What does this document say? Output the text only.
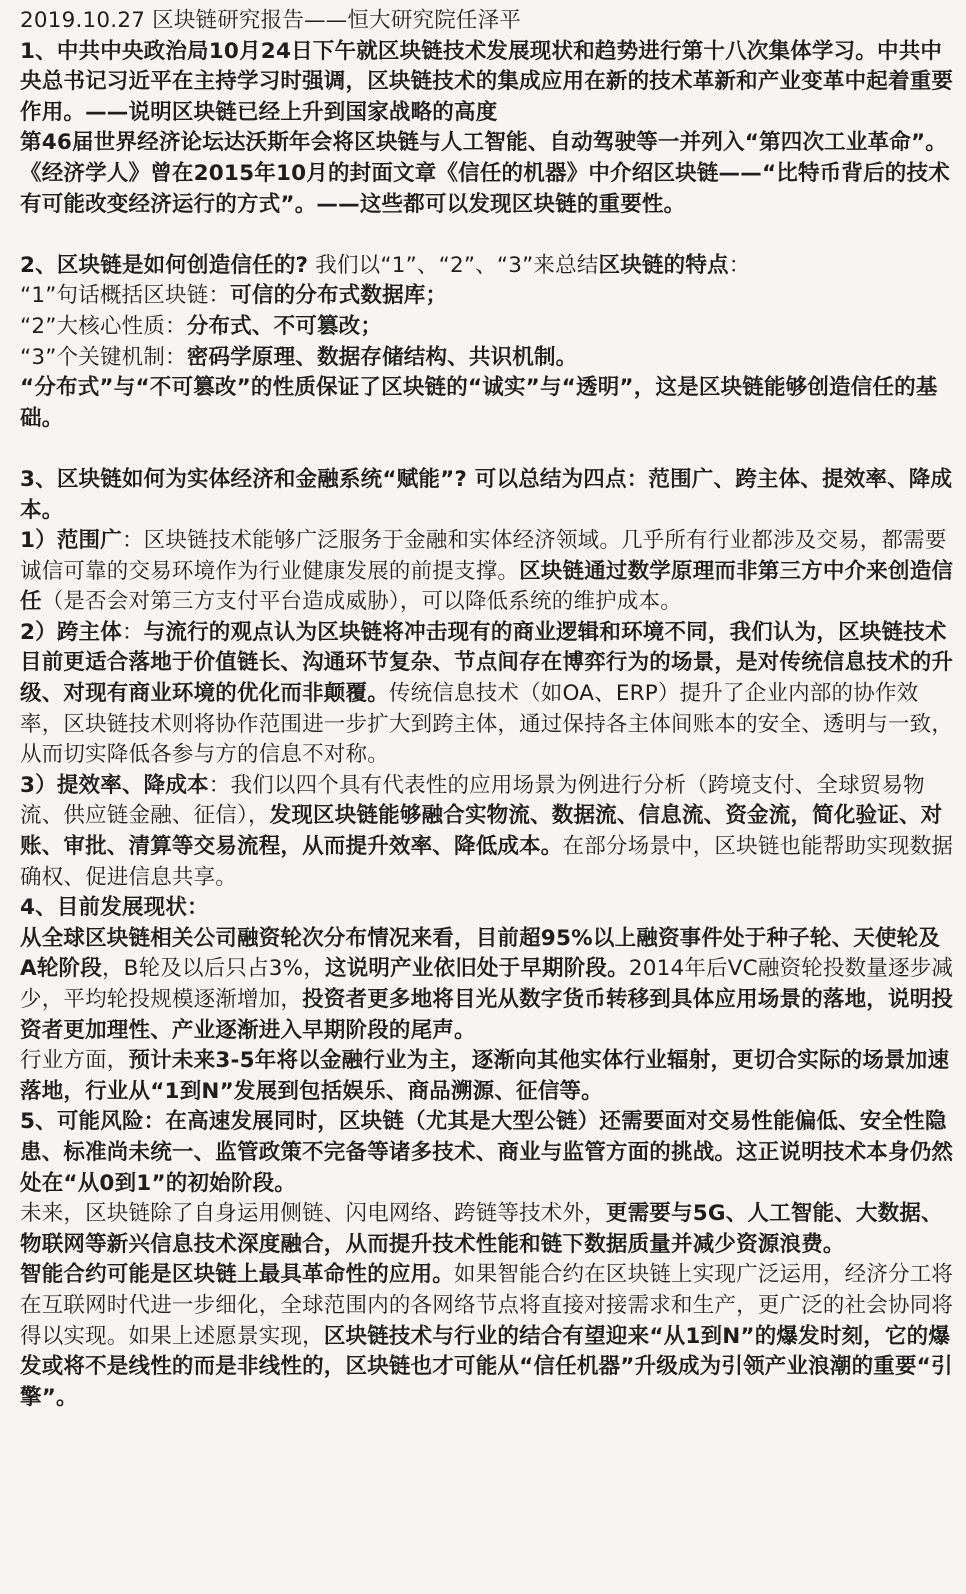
2019.10.27 区块链研究报告——恒大研究院任泽平

1、中共中央政治局10月24日下午就区块链技术发展现状和趋势进行第十八次集体学习。中共中央总书记习近平在主持学习时强调，区块链技术的集成应用在新的技术革新和产业变革中起着重要作用。——说明区块链已经上升到国家战略的高度

第46届世界经济论坛达沃斯年会将区块链与人工智能、自动驾驶等一并列入“第四次工业革命”。《经济学人》曾在2015年10月的封面文章《信任的机器》中介绍区块链——“比特币背后的技术有可能改变经济运行的方式”。——这些都可以发现区块链的重要性。

2、区块链是如何创造信任的? 我们以“1”、“2”、“3”来总结区块链的特点：

“1”句话概括区块链：可信的分布式数据库；

“2”大核心性质：分布式、不可篡改；

“3”个关键机制：密码学原理、数据存储结构、共识机制。

“分布式”与“不可篡改”的性质保证了区块链的“诚实”与“透明”，这是区块链能够创造信任的基础。

3、区块链如何为实体经济和金融系统“赋能”? 可以总结为四点：范围广、跨主体、提效率、降成本。

1）范围广：区块链技术能够广泛服务于金融和实体经济领域。几乎所有行业都涉及交易，都需要诚信可靠的交易环境作为行业健康发展的前提支撑。区块链通过数学原理而非第三方中介来创造信任（是否会对第三方支付平台造成威胁），可以降低系统的维护成本。

2）跨主体：与流行的观点认为区块链将冲击现有的商业逻辑和环境不同，我们认为，区块链技术目前更适合落地于价值链长、沟通环节复杂、节点间存在博弈行为的场景，是对传统信息技术的升级、对现有商业环境的优化而非颠覆。传统信息技术（如OA、ERP）提升了企业内部的协作效率，区块链技术则将协作范围进一步扩大到跨主体，通过保持各主体间账本的安全、透明与一致，从而切实降低各参与方的信息不对称。

3）提效率、降成本：我们以四个具有代表性的应用场景为例进行分析（跨境支付、全球贸易物流、供应链金融、征信），发现区块链能够融合实物流、数据流、信息流、资金流，简化验证、对账、审批、清算等交易流程，从而提升效率、降低成本。在部分场景中，区块链也能帮助实现数据确权、促进信息共享。

4、目前发展现状：

从全球区块链相关公司融资轮次分布情况来看，目前超95%以上融资事件处于种子轮、天使轮及A轮阶段，B轮及以后只占3%，这说明产业依旧处于早期阶段。2014年后VC融资轮投数量逐步减少，平均轮投规模逐渐增加，投资者更多地将目光从数字货币转移到具体应用场景的落地，说明投资者更加理性、产业逐渐进入早期阶段的尾声。

行业方面，预计未来3-5年将以金融行业为主，逐渐向其他实体行业辐射，更切合实际的场景加速落地，行业从“1到N”发展到包括娱乐、商品溯源、征信等。

5、可能风险：在高速发展同时，区块链（尤其是大型公链）还需要面对交易性能偏低、安全性隐患、标准尚未统一、监管政策不完备等诸多技术、商业与监管方面的挑战。这正说明技术本身仍然处在“从0到1”的初始阶段。

未来，区块链除了自身运用侧链、闪电网络、跨链等技术外，更需要与5G、人工智能、大数据、物联网等新兴信息技术深度融合，从而提升技术性能和链下数据质量并减少资源浪费。

智能合约可能是区块链上最具革命性的应用。如果智能合约在区块链上实现广泛运用，经济分工将在互联网时代进一步细化，全球范围内的各网络节点将直接对接需求和生产，更广泛的社会协同将得以实现。如果上述愿景实现，区块链技术与行业的结合有望迎来“从1到N”的爆发时刻，它的爆发或将不是线性的而是非线性的，区块链也才可能从“信任机器”升级成为引领产业浪潮的重要“引擎”。
